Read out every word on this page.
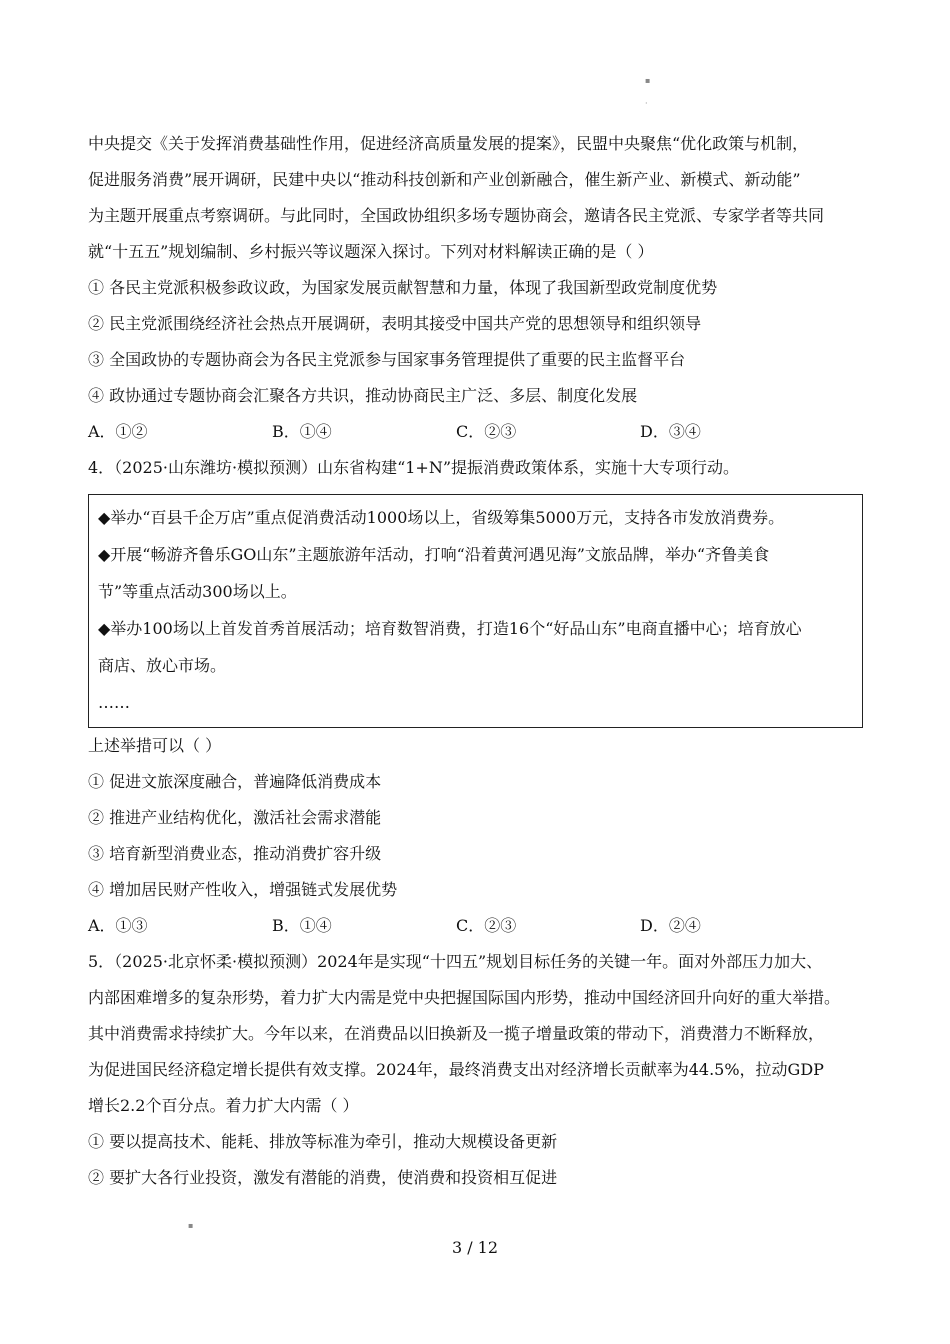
▪
·
中央提交《关于发挥消费基础性作用，促进经济高质量发展的提案》，民盟中央聚焦“优化政策与机制，
促进服务消费”展开调研，民建中央以“推动科技创新和产业创新融合，催生新产业、新模式、新动能”
为主题开展重点考察调研。与此同时，全国政协组织多场专题协商会，邀请各民主党派、专家学者等共同
就“十五五”规划编制、乡村振兴等议题深入探讨。下列对材料解读正确的是（ ）
① 各民主党派积极参政议政，为国家发展贡献智慧和力量，体现了我国新型政党制度优势
② 民主党派围绕经济社会热点开展调研，表明其接受中国共产党的思想领导和组织领导
③ 全国政协的专题协商会为各民主党派参与国家事务管理提供了重要的民主监督平台
④ 政协通过专题协商会汇聚各方共识，推动协商民主广泛、多层、制度化发展
A．①②	B．①④	C．②③	D．③④
4．（2025·山东潍坊·模拟预测）山东省构建“1+N”提振消费政策体系，实施十大专项行动。
◆举办“百县千企万店”重点促消费活动1000场以上，省级筹集5000万元，支持各市发放消费券。
◆开展“畅游齐鲁乐GO山东”主题旅游年活动，打响“沿着黄河遇见海”文旅品牌，举办“齐鲁美食
节”等重点活动300场以上。
◆举办100场以上首发首秀首展活动；培育数智消费，打造16个“好品山东”电商直播中心；培育放心
商店、放心市场。
……
上述举措可以（ ）
① 促进文旅深度融合，普遍降低消费成本
② 推进产业结构优化，激活社会需求潜能
③ 培育新型消费业态，推动消费扩容升级
④ 增加居民财产性收入，增强链式发展优势
A．①③	B．①④	C．②③	D．②④
5．（2025·北京怀柔·模拟预测）2024年是实现“十四五”规划目标任务的关键一年。面对外部压力加大、
内部困难增多的复杂形势，着力扩大内需是党中央把握国际国内形势，推动中国经济回升向好的重大举措。
其中消费需求持续扩大。今年以来，在消费品以旧换新及一揽子增量政策的带动下，消费潜力不断释放，
为促进国民经济稳定增长提供有效支撑。2024年，最终消费支出对经济增长贡献率为44.5%，拉动GDP
增长2.2个百分点。着力扩大内需（ ）
① 要以提高技术、能耗、排放等标准为牵引，推动大规模设备更新
② 要扩大各行业投资，激发有潜能的消费，使消费和投资相互促进
▪
3 / 12
